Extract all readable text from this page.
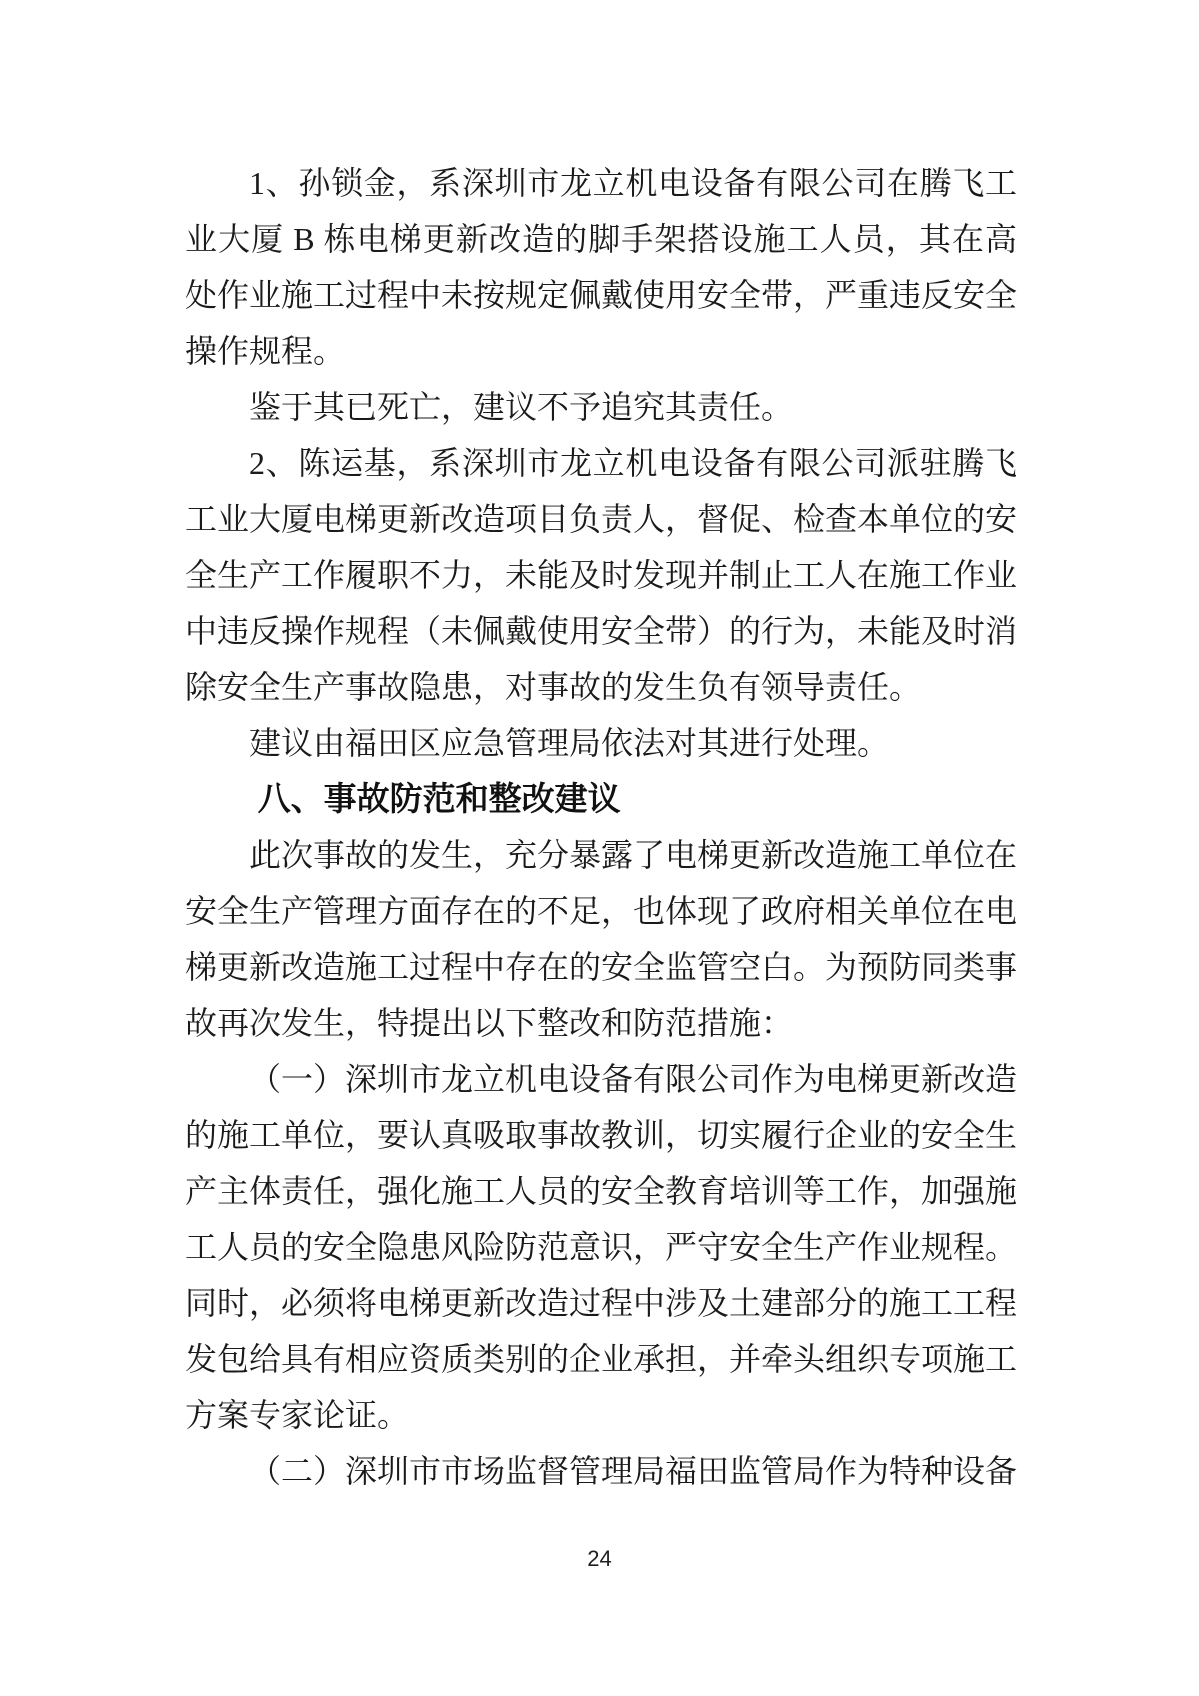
1、孙锁金，系深圳市龙立机电设备有限公司在腾飞工业大厦 B 栋电梯更新改造的脚手架搭设施工人员，其在高处作业施工过程中未按规定佩戴使用安全带，严重违反安全操作规程。

鉴于其已死亡，建议不予追究其责任。

2、陈运基，系深圳市龙立机电设备有限公司派驻腾飞工业大厦电梯更新改造项目负责人，督促、检查本单位的安全生产工作履职不力，未能及时发现并制止工人在施工作业中违反操作规程（未佩戴使用安全带）的行为，未能及时消除安全生产事故隐患，对事故的发生负有领导责任。

建议由福田区应急管理局依法对其进行处理。

八、事故防范和整改建议

此次事故的发生，充分暴露了电梯更新改造施工单位在安全生产管理方面存在的不足，也体现了政府相关单位在电梯更新改造施工过程中存在的安全监管空白。为预防同类事故再次发生，特提出以下整改和防范措施：

（一）深圳市龙立机电设备有限公司作为电梯更新改造的施工单位，要认真吸取事故教训，切实履行企业的安全生产主体责任，强化施工人员的安全教育培训等工作，加强施工人员的安全隐患风险防范意识，严守安全生产作业规程。同时，必须将电梯更新改造过程中涉及土建部分的施工工程发包给具有相应资质类别的企业承担，并牵头组织专项施工方案专家论证。

（二）深圳市市场监督管理局福田监管局作为特种设备

24
